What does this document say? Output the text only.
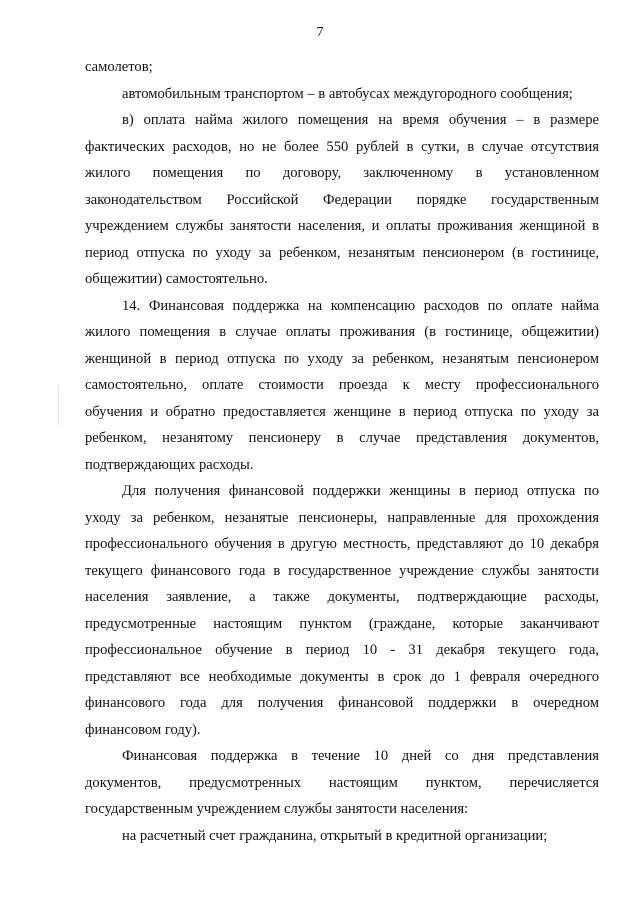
7
самолетов;
автомобильным транспортом – в автобусах междугородного сообщения;
в) оплата найма жилого помещения на время обучения – в размере
фактических расходов, но не более 550 рублей в сутки, в случае отсутствия
жилого помещения по договору, заключенному в установленном
законодательством Российской Федерации порядке государственным
учреждением службы занятости населения, и оплаты проживания женщиной в
период отпуска по уходу за ребенком, незанятым пенсионером (в гостинице,
общежитии) самостоятельно.
14. Финансовая поддержка на компенсацию расходов по оплате найма
жилого помещения в случае оплаты проживания (в гостинице, общежитии)
женщиной в период отпуска по уходу за ребенком, незанятым пенсионером
самостоятельно, оплате стоимости проезда к месту профессионального
обучения и обратно предоставляется женщине в период отпуска по уходу за
ребенком, незанятому пенсионеру в случае представления документов,
подтверждающих расходы.
Для получения финансовой поддержки женщины в период отпуска по
уходу за ребенком, незанятые пенсионеры, направленные для прохождения
профессионального обучения в другую местность, представляют до 10 декабря
текущего финансового года в государственное учреждение службы занятости
населения заявление, а также документы, подтверждающие расходы,
предусмотренные настоящим пунктом (граждане, которые заканчивают
профессиональное обучение в период 10 - 31 декабря текущего года,
представляют все необходимые документы в срок до 1 февраля очередного
финансового года для получения финансовой поддержки в очередном
финансовом году).
Финансовая поддержка в течение 10 дней со дня представления
документов, предусмотренных настоящим пунктом, перечисляется
государственным учреждением службы занятости населения:
на расчетный счет гражданина, открытый в кредитной организации;
